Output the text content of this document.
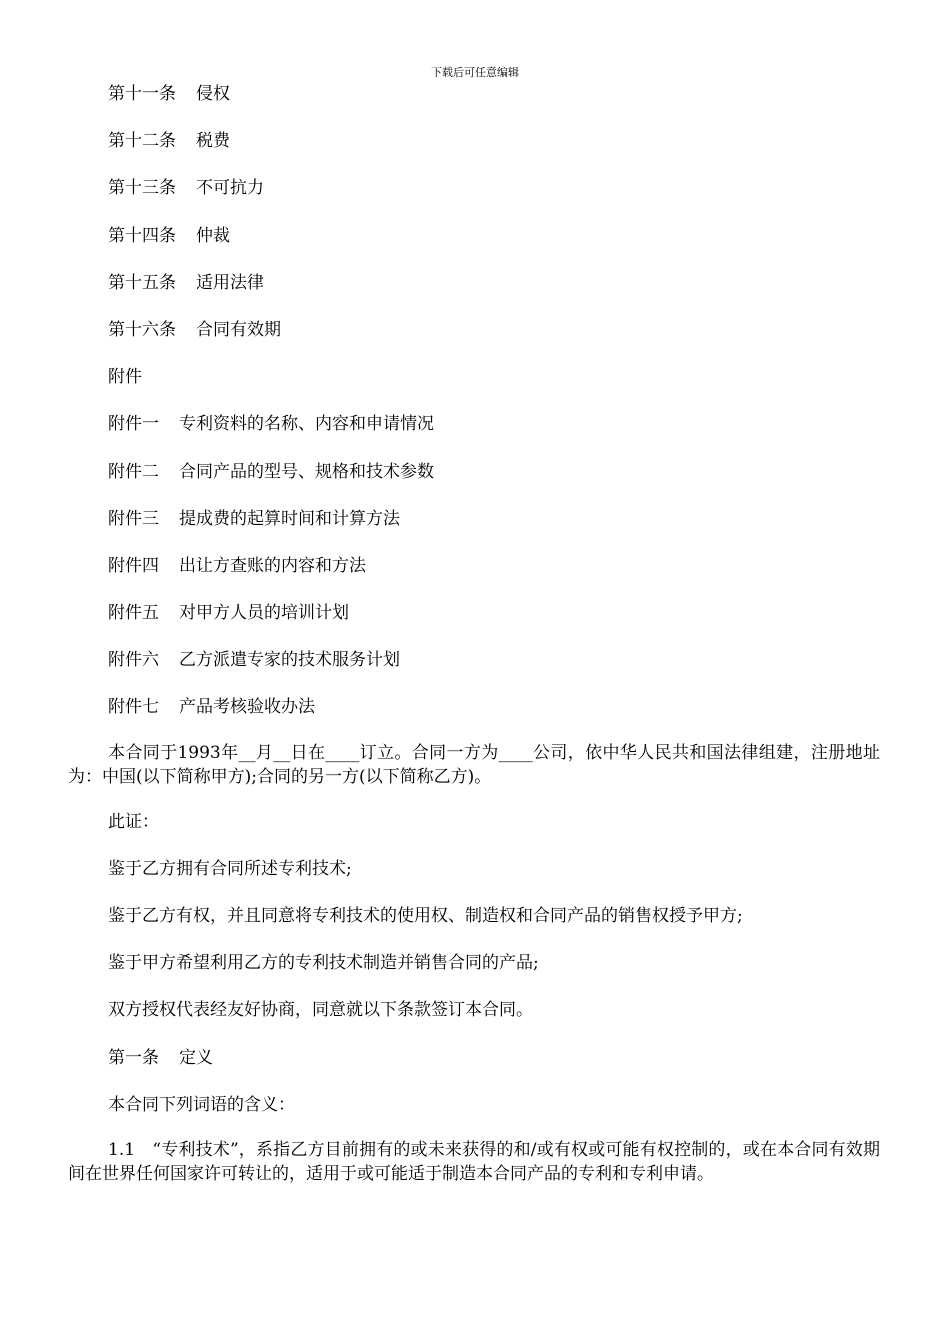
下载后可任意编辑
第十一条 侵权
第十二条 税费
第十三条 不可抗力
第十四条 仲裁
第十五条 适用法律
第十六条 合同有效期
附件
附件一 专利资料的名称、内容和申请情况
附件二 合同产品的型号、规格和技术参数
附件三 提成费的起算时间和计算方法
附件四 出让方查账的内容和方法
附件五 对甲方人员的培训计划
附件六 乙方派遣专家的技术服务计划
附件七 产品考核验收办法

本合同于1993年__月__日在____订立。合同一方为____公司，依中华人民共和国法律组建，注册地址为：中国(以下简称甲方);合同的另一方(以下简称乙方)。

此证：
鉴于乙方拥有合同所述专利技术;
鉴于乙方有权，并且同意将专利技术的使用权、制造权和合同产品的销售权授予甲方;
鉴于甲方希望利用乙方的专利技术制造并销售合同的产品;
双方授权代表经友好协商，同意就以下条款签订本合同。
第一条 定义
本合同下列词语的含义：

1.1　“专利技术”，系指乙方目前拥有的或未来获得的和/或有权或可能有权控制的，或在本合同有效期间在世界任何国家许可转让的，适用于或可能适于制造本合同产品的专利和专利申请。
